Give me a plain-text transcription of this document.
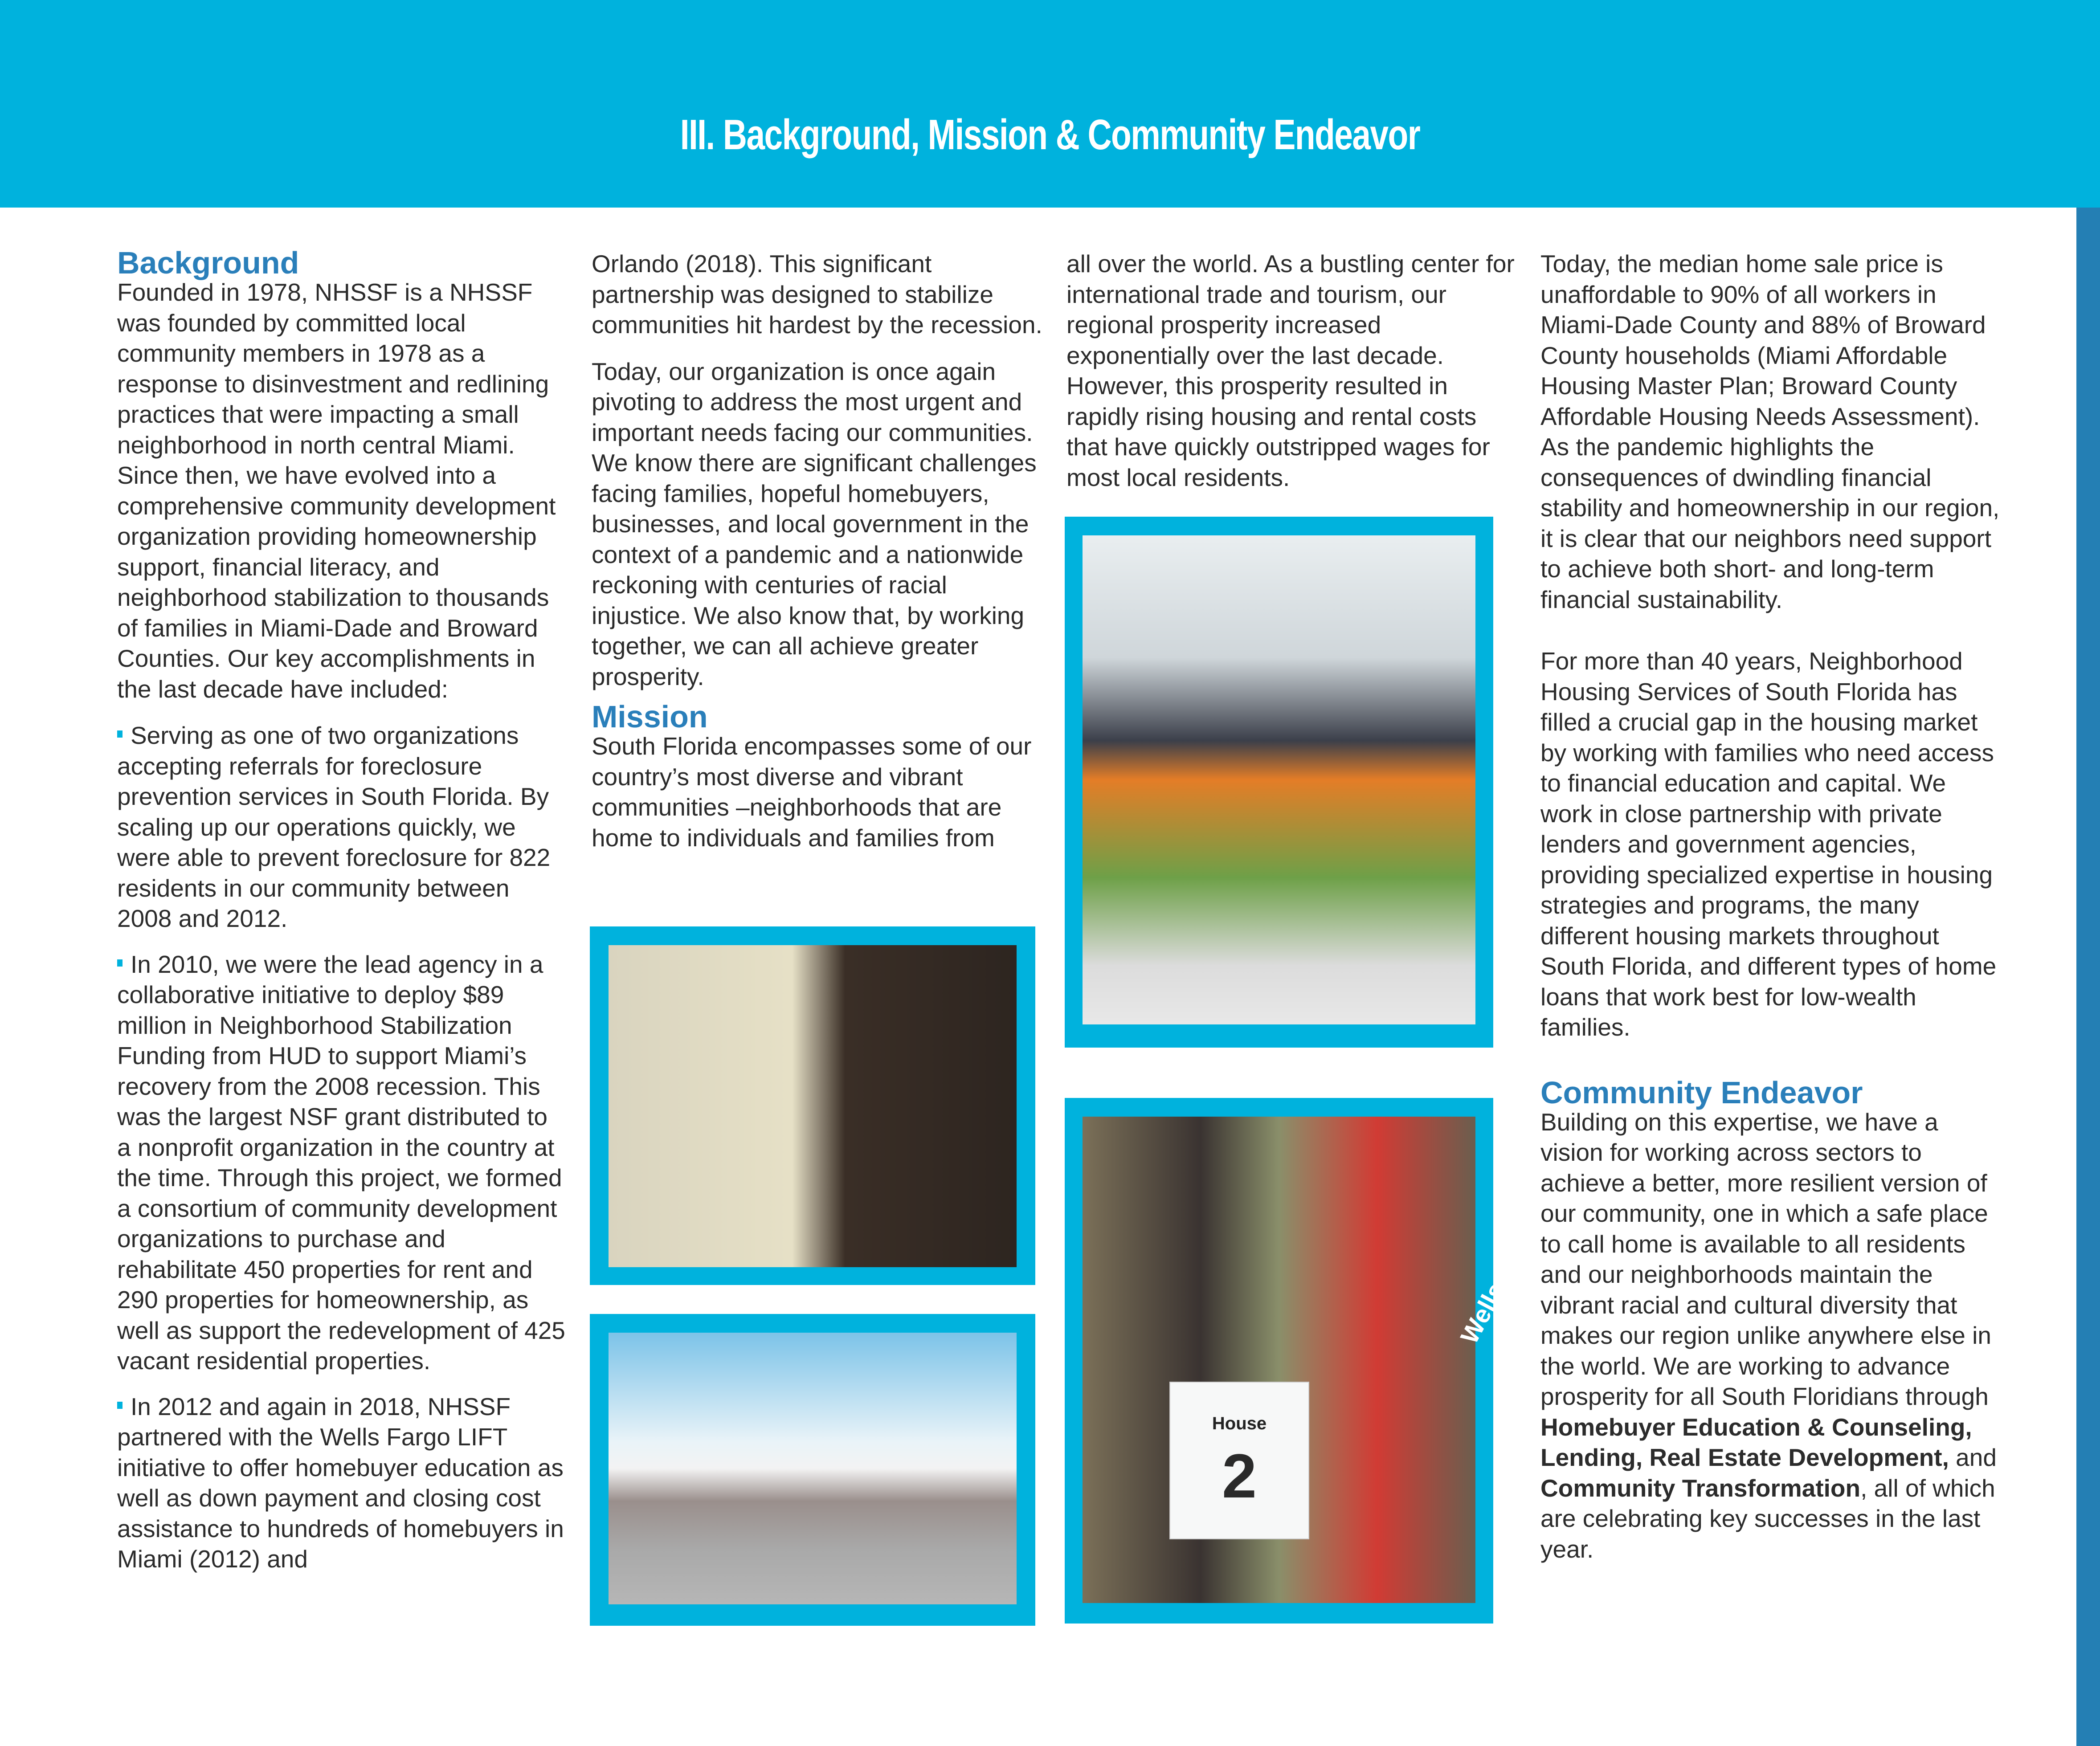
III. Background, Mission & Community Endeavor
Background

Founded in 1978, NHSSF is a NHSSF was founded by committed local community members in 1978 as a response to disinvestment and redlining practices that were impacting a small neighborhood in north central Miami. Since then, we have evolved into a comprehensive community development organization providing homeownership support, financial literacy, and neighborhood stabilization to thousands of families in Miami-Dade and Broward Counties. Our key accomplishments in the last decade have included:

Serving as one of two organizations accepting referrals for foreclosure prevention services in South Florida. By scaling up our operations quickly, we were able to prevent foreclosure for 822 residents in our community between 2008 and 2012.
In 2010, we were the lead agency in a collaborative initiative to deploy $89 million in Neighborhood Stabilization Funding from HUD to support Miami’s recovery from the 2008 recession. This was the largest NSF grant distributed to a nonprofit organization in the country at the time. Through this project, we formed a consortium of community development organizations to purchase and rehabilitate 450 properties for rent and 290 properties for homeownership, as well as support the redevelopment of 425 vacant residential properties.
In 2012 and again in 2018, NHSSF partnered with the Wells Fargo LIFT initiative to offer homebuyer education as well as down payment and closing cost assistance to hundreds of homebuyers in Miami (2012) and

Orlando (2018). This significant partnership was designed to stabilize communities hit hardest by the recession.

Today, our organization is once again pivoting to address the most urgent and important needs facing our communities. We know there are significant challenges facing families, hopeful homebuyers, businesses, and local government in the context of a pandemic and a nationwide reckoning with centuries of racial injustice. We also know that, by working together, we can all achieve greater prosperity.

Mission

South Florida encompasses some of our country’s most diverse and vibrant communities –neighborhoods that are home to individuals and families from

all over the world. As a bustling center for international trade and tourism, our regional prosperity increased exponentially over the last decade. However, this prosperity resulted in rapidly rising housing and rental costs that have quickly outstripped wages for most local residents.

House
2
Wells Fargo Volunteers

Today, the median home sale price is unaffordable to 90% of all workers in Miami-Dade County and 88% of Broward County households (Miami Affordable Housing Master Plan; Broward County Affordable Housing Needs Assessment). As the pandemic highlights the consequences of dwindling financial stability and homeownership in our region, it is clear that our neighbors need support to achieve both short- and long-term financial sustainability.

For more than 40 years, Neighborhood Housing Services of South Florida has filled a crucial gap in the housing market by working with families who need access to financial education and capital. We work in close partnership with private lenders and government agencies, providing specialized expertise in housing strategies and programs, the many different housing markets throughout South Florida, and different types of home loans that work best for low-wealth families.

Community Endeavor

Building on this expertise, we have a vision for working across sectors to achieve a better, more resilient version of our community, one in which a safe place to call home is available to all residents and our neighborhoods maintain the vibrant racial and cultural diversity that makes our region unlike anywhere else in the world. We are working to advance prosperity for all South Floridians through Homebuyer Education & Counseling, Lending, Real Estate Development, and Community Transformation, all of which are celebrating key successes in the last year.
